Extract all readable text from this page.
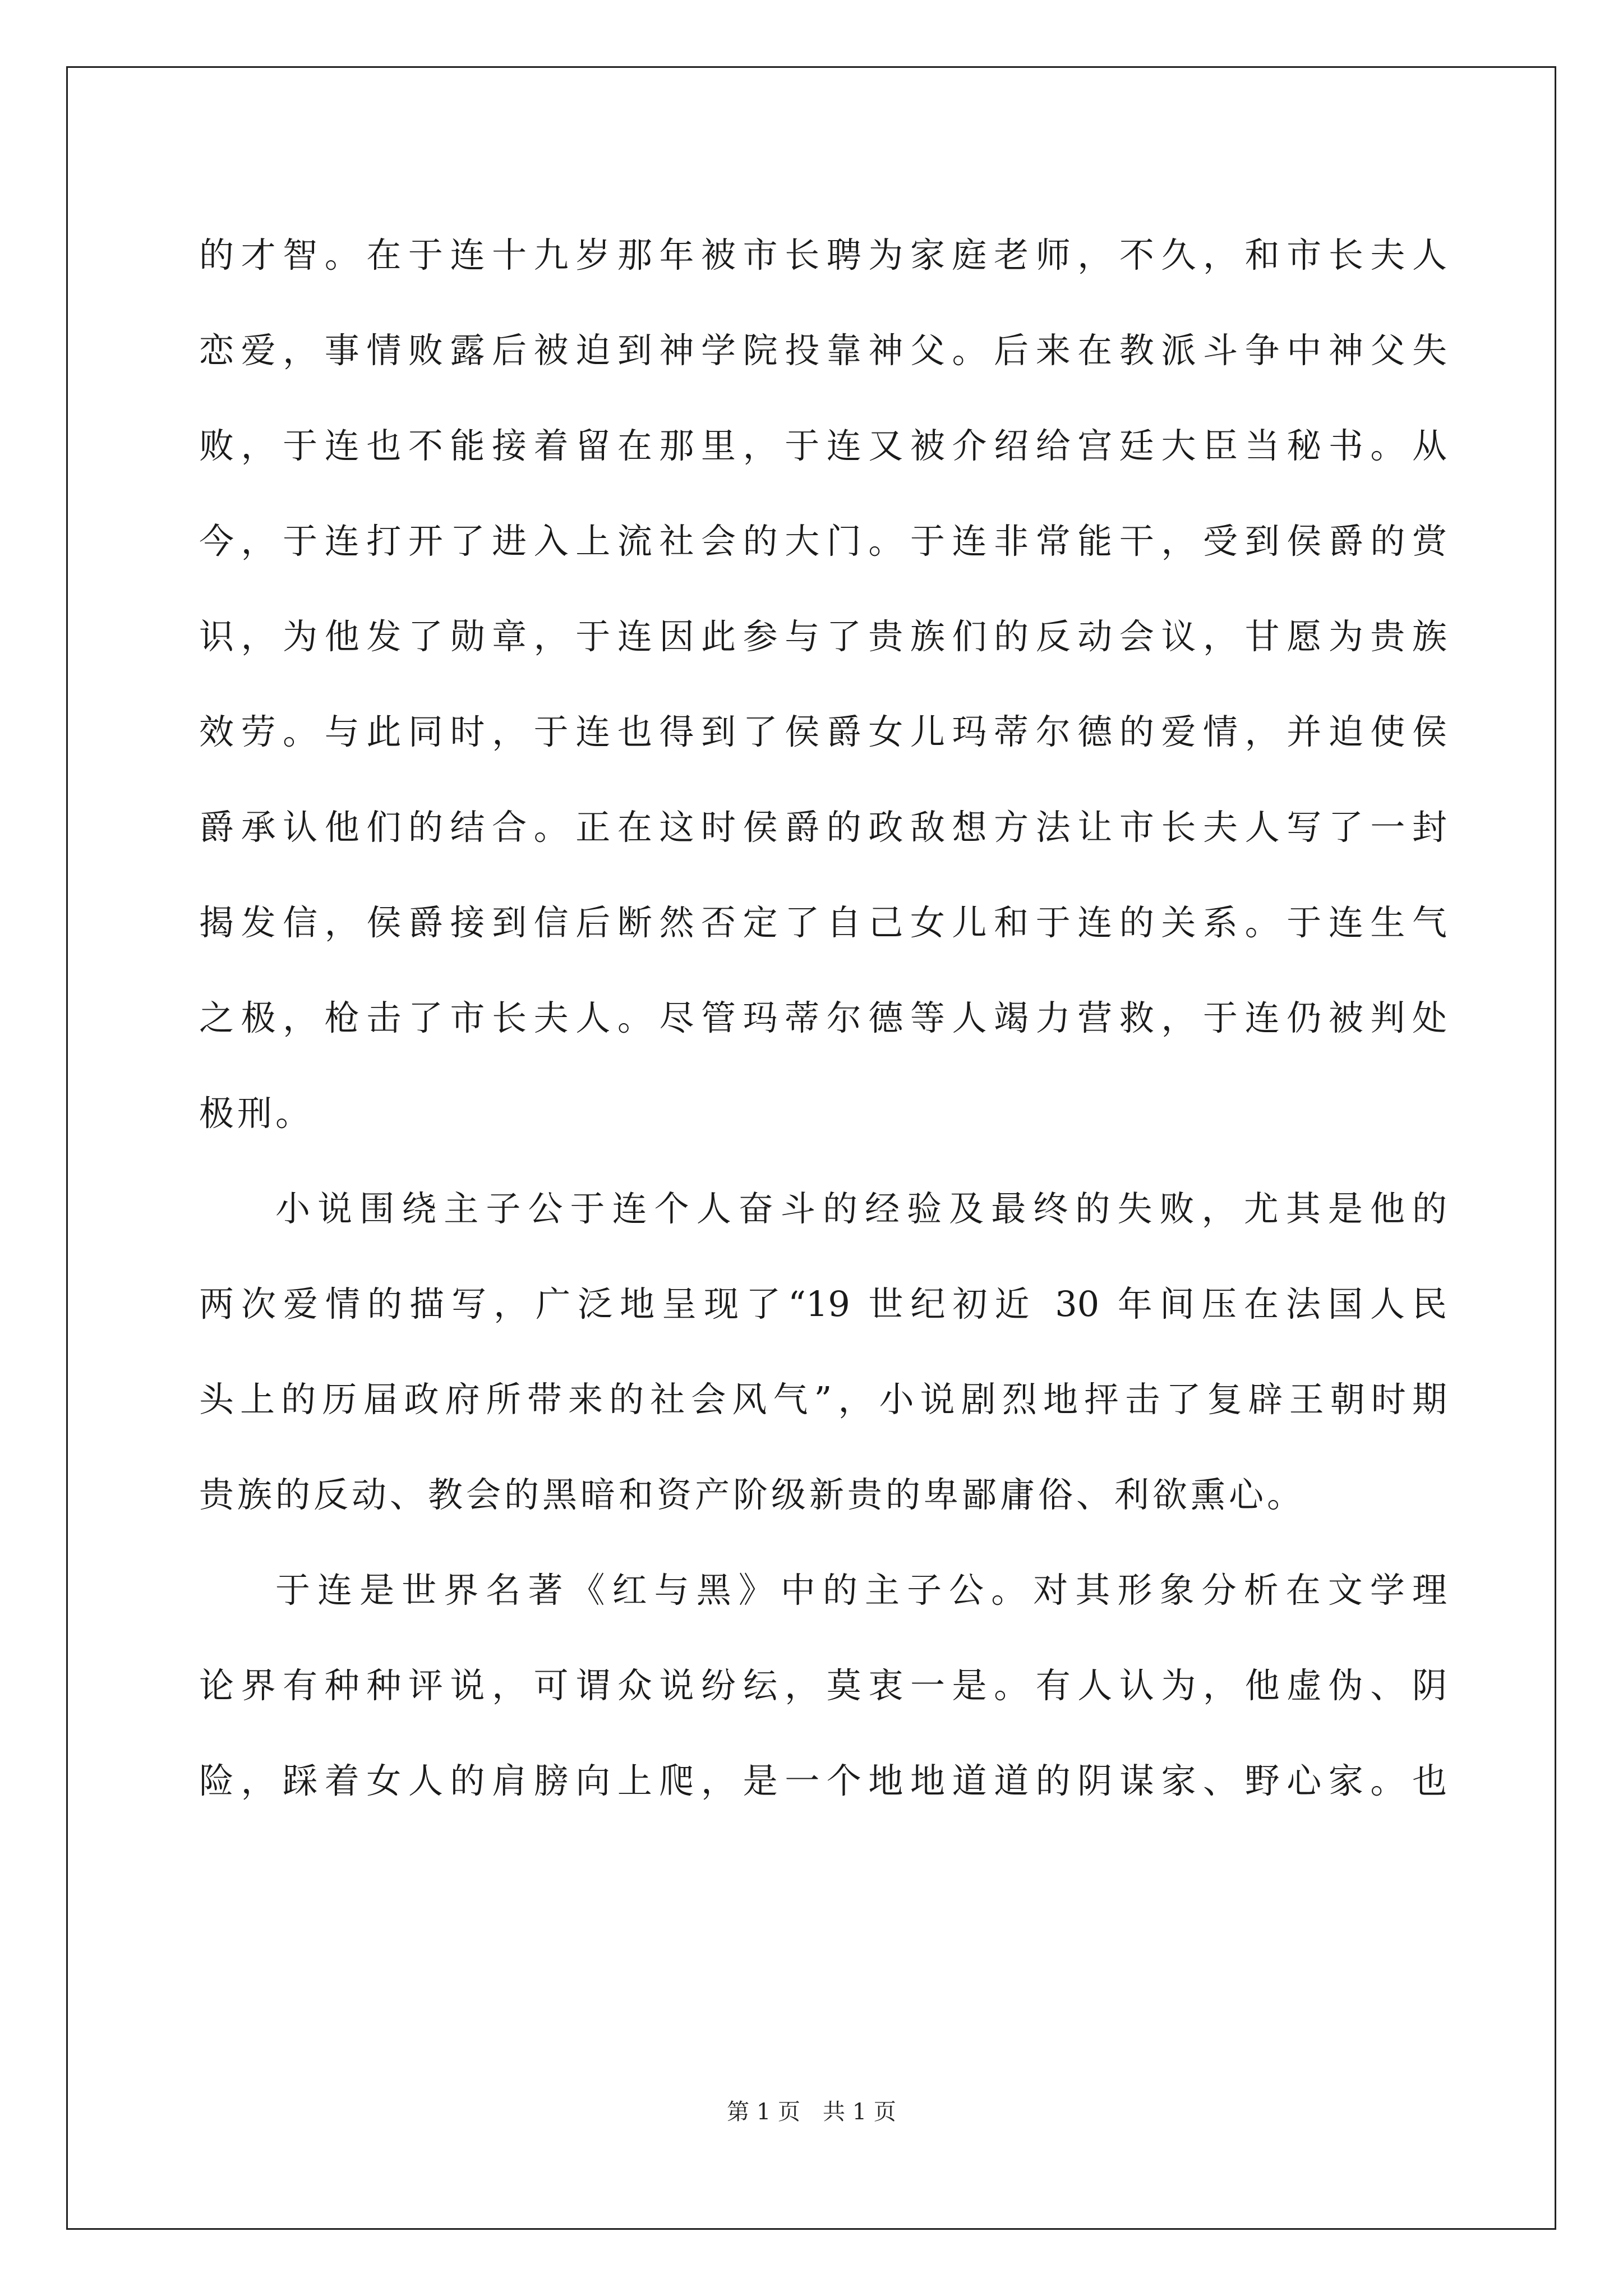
的才智。在于连十九岁那年被市长聘为家庭老师，不久，和市长夫人
恋爱，事情败露后被迫到神学院投靠神父。后来在教派斗争中神父失
败，于连也不能接着留在那里，于连又被介绍给宫廷大臣当秘书。从
今，于连打开了进入上流社会的大门。于连非常能干，受到侯爵的赏
识，为他发了勋章，于连因此参与了贵族们的反动会议，甘愿为贵族
效劳。与此同时，于连也得到了侯爵女儿玛蒂尔德的爱情，并迫使侯
爵承认他们的结合。正在这时侯爵的政敌想方法让市长夫人写了一封
揭发信，侯爵接到信后断然否定了自己女儿和于连的关系。于连生气
之极，枪击了市长夫人。尽管玛蒂尔德等人竭力营救，于连仍被判处
极刑。
小说围绕主子公于连个人奋斗的经验及最终的失败，尤其是他的
两次爱情的描写，广泛地呈现了“19 世纪初近 30 年间压在法国人民
头上的历届政府所带来的社会风气”，小说剧烈地抨击了复辟王朝时期
贵族的反动、教会的黑暗和资产阶级新贵的卑鄙庸俗、利欲熏心。
于连是世界名著《红与黑》中的主子公。对其形象分析在文学理
论界有种种评说，可谓众说纷纭，莫衷一是。有人认为，他虚伪、阴
险，踩着女人的肩膀向上爬，是一个地地道道的阴谋家、野心家。也
第 1 页 共 1 页
